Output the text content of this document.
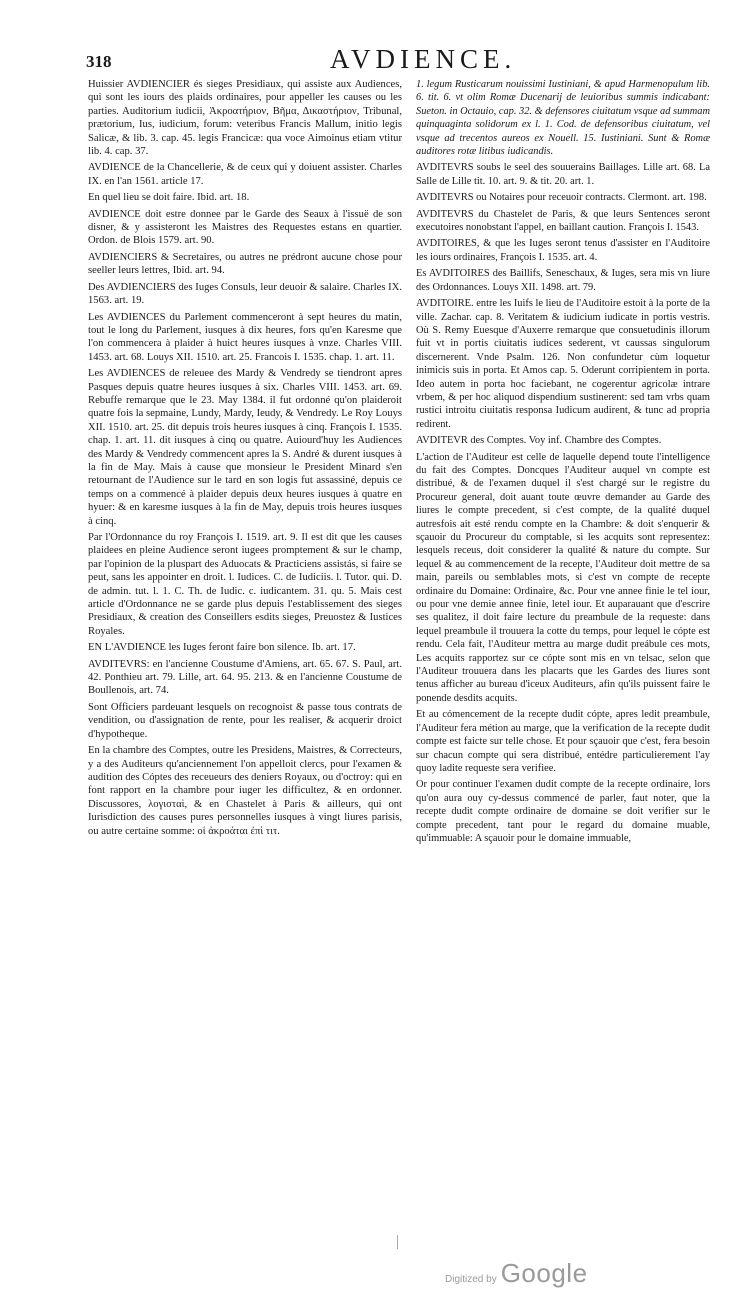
318	AVDIENCE.

Huissier AVDIENCIER és sieges Presidiaux, qui assiste aux Audiences, qui sont les iours des plaids ordinaires, pour appeller les causes ou les parties. Auditorium iudicii, Ἀκροατήριον, Βῆμα, Δικαστήριον, Tribunal, prætorium, Ius, iudicium, forum: veteribus Francis Mallum, initio legis Salicæ, & lib. 3. cap. 45. legis Francicæ: qua voce Aimoinus etiam vtitur lib. 4. cap. 37.

AVDIENCE de la Chancellerie, & de ceux qui y doiuent assister. Charles IX. en l'an 1561. article 17.

En quel lieu se doit faire. Ibid. art. 18.

AVDIENCE doit estre donnee par le Garde des Seaux à l'issuë de son disner, & y assisteront les Maistres des Requestes estans en quartier. Ordon. de Blois 1579. art. 90.

AVDIENCIERS & Secretaires, ou autres ne prédront aucune chose pour seeller leurs lettres, Ibid. art. 94.

Des AVDIENCIERS des Iuges Consuls, leur deuoir & salaire. Charles IX. 1563. art. 19.

Les AVDIENCES du Parlement commenceront à sept heures du matin, tout le long du Parlement, iusques à dix heures, fors qu'en Karesme que l'on commencera à plaider à huict heures iusques à vnze. Charles VIII. 1453. art. 68. Louys XII. 1510. art. 25. Francois I. 1535. chap. 1. art. 11.

Les AVDIENCES de releuee des Mardy & Vendredy se tiendront apres Pasques depuis quatre heures iusques à six. Charles VIII. 1453. art. 69. Rebuffe remarque que le 23. May 1384. il fut ordonné qu'on plaideroit quatre fois la sepmaine, Lundy, Mardy, Ieudy, & Vendredy. Le Roy Louys XII. 1510. art. 25. dit depuis trois heures iusques à cinq. François I. 1535. chap. 1. art. 11. dit iusques à cinq ou quatre. Auiourd'huy les Audiences des Mardy & Vendredy commencent apres la S. André & durent iusques à la fin de May. Mais à cause que monsieur le President Minard s'en retournant de l'Audience sur le tard en son logis fut assassiné, depuis ce temps on a commencé à plaider depuis deux heures iusques à quatre en hyuer: & en karesme iusques à la fin de May, depuis trois heures iusques à cinq.

Par l'Ordonnance du roy François I. 1519. art. 9. Il est dit que les causes plaidees en pleine Audience seront iugees promptement & sur le champ, par l'opinion de la pluspart des Aduocats & Practiciens assistás, si faire se peut, sans les appointer en droit. l. Iudices. C. de Iudiciis. l. Tutor. qui. D. de admin. tut. l. 1. C. Th. de Iudic. c. iudicantem. 31. qu. 5. Mais cest article d'Ordonnance ne se garde plus depuis l'establissement des sieges Presidiaux, & creation des Conseillers esdits sieges, Preuostez & Iustices Royales.

EN L'AVDIENCE les Iuges feront faire bon silence. Ib. art. 17.

AVDITEVRS: en l'ancienne Coustume d'Amiens, art. 65. 67. S. Paul, art. 42. Ponthieu art. 79. Lille, art. 64. 95. 213. & en l'ancienne Coustume de Boullenois, art. 74.

Sont Officiers pardeuant lesquels on recognoist & passe tous contrats de vendition, ou d'assignation de rente, pour les realiser, & acquerir droict d'hypotheque.

En la chambre des Comptes, outre les Presidens, Maistres, & Correcteurs, y a des Auditeurs qu'anciennement l'on appelloit clercs, pour l'examen & audition des Cóptes des receueurs des deniers Royaux, ou d'octroy: qui en font rapport en la chambre pour iuger les difficultez, & en ordonner. Discussores, λογισταὶ, & en Chastelet à Paris & ailleurs, qui ont Iurisdiction des causes pures personnelles iusques à vingt liures parisis, ou autre certaine somme: οἱ ἀκροάται ἐπὶ τιτ.

1. legum Rusticarum nouissimi Iustiniani, & apud Harmenopulum lib. 6. tit. 6. vt olim Romæ Ducenarij de leuioribus summis indicabant: Sueton. in Octauio, cap. 32. & defensores ciuitatum vsque ad summam quinquaginta solidorum ex l. 1. Cod. de defensoribus ciuitatum, vel vsque ad trecentos aureos ex Nouell. 15. Iustiniani. Sunt & Romæ auditores rotæ litibus iudicandis.

AVDITEVRS soubs le seel des souuerains Baillages. Lille art. 68. La Salle de Lille tit. 10. art. 9. & tit. 20. art. 1.

AVDITEVRS ou Notaires pour receuoir contracts. Clermont. art. 198.

AVDITEVRS du Chastelet de Paris, & que leurs Sentences seront executoires nonobstant l'appel, en baillant caution. François I. 1543.

AVDITOIRES, & que les Iuges seront tenus d'assister en l'Auditoire les iours ordinaires, François I. 1535. art. 4.

Es AVDITOIRES des Baillifs, Seneschaux, & Iuges, sera mis vn liure des Ordonnances. Louys XII. 1498. art. 79.

AVDITOIRE. entre les Iuifs le lieu de l'Auditoire estoit à la porte de la ville. Zachar. cap. 8. Veritatem & iudicium iudicate in portis vestris. Où S. Remy Euesque d'Auxerre remarque que consuetudinis illorum fuit vt in portis ciuitatis iudices sederent, vt caussas singulorum discernerent. Vnde Psalm. 126. Non confundetur cùm loquetur inimicis suis in porta. Et Amos cap. 5. Oderunt corripientem in porta. Ideo autem in porta hoc faciebant, ne cogerentur agricolæ intrare vrbem, & per hoc aliquod dispendium sustinerent: sed tam vrbs quam rustici introitu ciuitatis responsa Iudicum audirent, & tunc ad propria redirent.

AVDITEVR des Comptes. Voy inf. Chambre des Comptes.

L'action de l'Auditeur est celle de laquelle depend toute l'intelligence du fait des Comptes. Doncques l'Auditeur auquel vn compte est distribué, & de l'examen duquel il s'est chargé sur le registre du Procureur general, doit auant toute œuvre demander au Garde des liures le compte precedent, si c'est compte, de la qualité duquel autresfois ait esté rendu compte en la Chambre: & doit s'enquerir & sçauoir du Procureur du comptable, si les acquits sont representez: lesquels receus, doit considerer la qualité & nature du compte. Sur lequel & au commencement de la recepte, l'Auditeur doit mettre de sa main, pareils ou semblables mots, si c'est vn compte de recepte ordinaire du Domaine: Ordinaire, &c. Pour vne annee finie le tel iour, ou pour vne demie annee finie, letel iour. Et auparauant que d'escrire ses qualitez, il doit faire lecture du preambule de la requeste: dans lequel preambule il trouuera la cotte du temps, pour lequel le cópte est rendu. Cela fait, l'Auditeur mettra au marge dudit preábule ces mots, Les acquits rapportez sur ce cópte sont mis en vn telsac, selon que l'Auditeur trouuera dans les placarts que les Gardes des liures sont tenus afficher au bureau d'iceux Auditeurs, afin qu'ils puissent faire le ponende desdits acquits.

Et au cómencement de la recepte dudit cópte, apres ledit preambule, l'Auditeur fera métion au marge, que la verification de la recepte dudit compte est faicte sur telle chose. Et pour sçauoir que c'est, fera besoin sur chacun compte qui sera distribué, entédre particulierement l'ay quoy ladite requeste sera verifiee.

Or pour continuer l'examen dudit compte de la recepte ordinaire, lors qu'on aura ouy cy-dessus commencé de parler, faut noter, que la recepte dudit compte ordinaire de domaine se doit verifier sur le compte precedent, tant pour le regard du domaine muable, qu'immuable: A sçauoir pour le domaine immuable,

Digitized by Google
